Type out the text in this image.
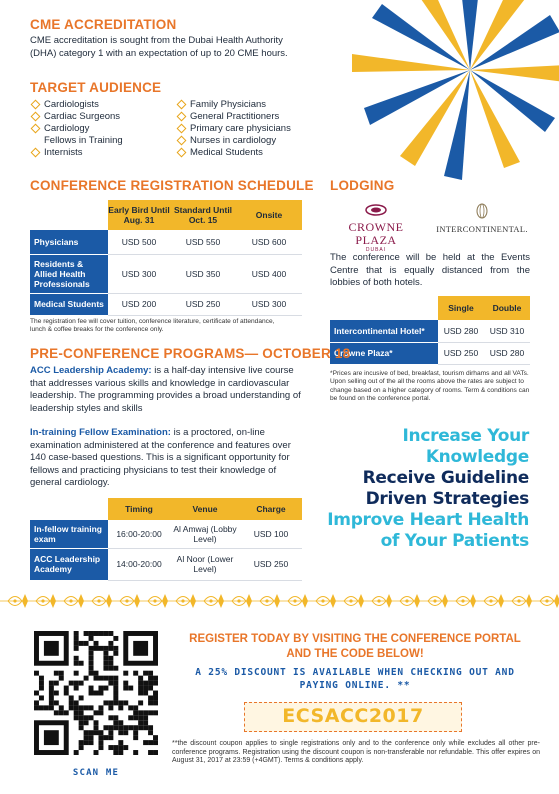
CME ACCREDITATION
CME accreditation is sought from the Dubai Health Authority (DHA) category 1 with an expectation of up to 20 CME hours.
TARGET AUDIENCE
Cardiologists
Cardiac Surgeons
Cardiology
Fellows in Training
Internists
Family Physicians
General Practitioners
Primary care physicians
Nurses in cardiology
Medical Students
CONFERENCE REGISTRATION SCHEDULE
	Early Bird Until Aug. 31	Standard Until Oct. 15	Onsite
Physicians	USD 500	USD 550	USD 600
Residents & Allied Health Professionals	USD 300	USD 350	USD 400
Medical Students	USD 200	USD 250	USD 300
The registration fee will cover tuition, conference literature, certificate of attendance, lunch & coffee breaks for the conference only.
LODGING
CROWNE PLAZA
DUBAI
INTERCONTINENTAL.
The conference will be held at the Events Centre that is equally distanced from the lobbies of both hotels.
	Single	Double
Intercontinental Hotel*	USD 280	USD 310
Crowne Plaza*	USD 250	USD 280
*Prices are incusive of bed, breakfast, tourism dirhams and all VATs. Upon selling out of the all the rooms above the rates are subject to change based on a higher category of rooms. Term & conditions can be found on the conference portal.
PRE-CONFERENCE PROGRAMS— OCTOBER 18
ACC Leadership Academy: is a half-day intensive live course that addresses various skills and knowledge in cardiovascular leadership. The programming provides a broad understanding of leadership styles and skills
In-training Fellow Examination: is a proctored, on-line examination administered at the conference and features over 140 case-based questions. This is a significant opportunity for fellows and practicing physicians to test their knowledge of general cardiology.
	Timing	Venue	Charge
In-fellow training exam	16:00-20:00	Al Amwaj (Lobby Level)	USD 100
ACC Leadership Academy	14:00-20:00	Al Noor (Lower Level)	USD 250
Increase Your
Knowledge
Receive Guideline
Driven Strategies
Improve Heart Health
of Your Patients
SCAN ME
REGISTER TODAY BY VISITING THE CONFERENCE PORTAL
AND THE CODE BELOW!
A 25% DISCOUNT IS AVAILABLE WHEN CHECKING OUT AND
PAYING ONLINE. **
ECSACC2017
**the discount coupon applies to single registrations only and to the conference only while excludes all other pre-conference programs. Registration using the discount coupon is non-transferable nor refundable. This offer expires on August 31, 2017 at 23:59 (+4GMT). Terms & conditions apply.
